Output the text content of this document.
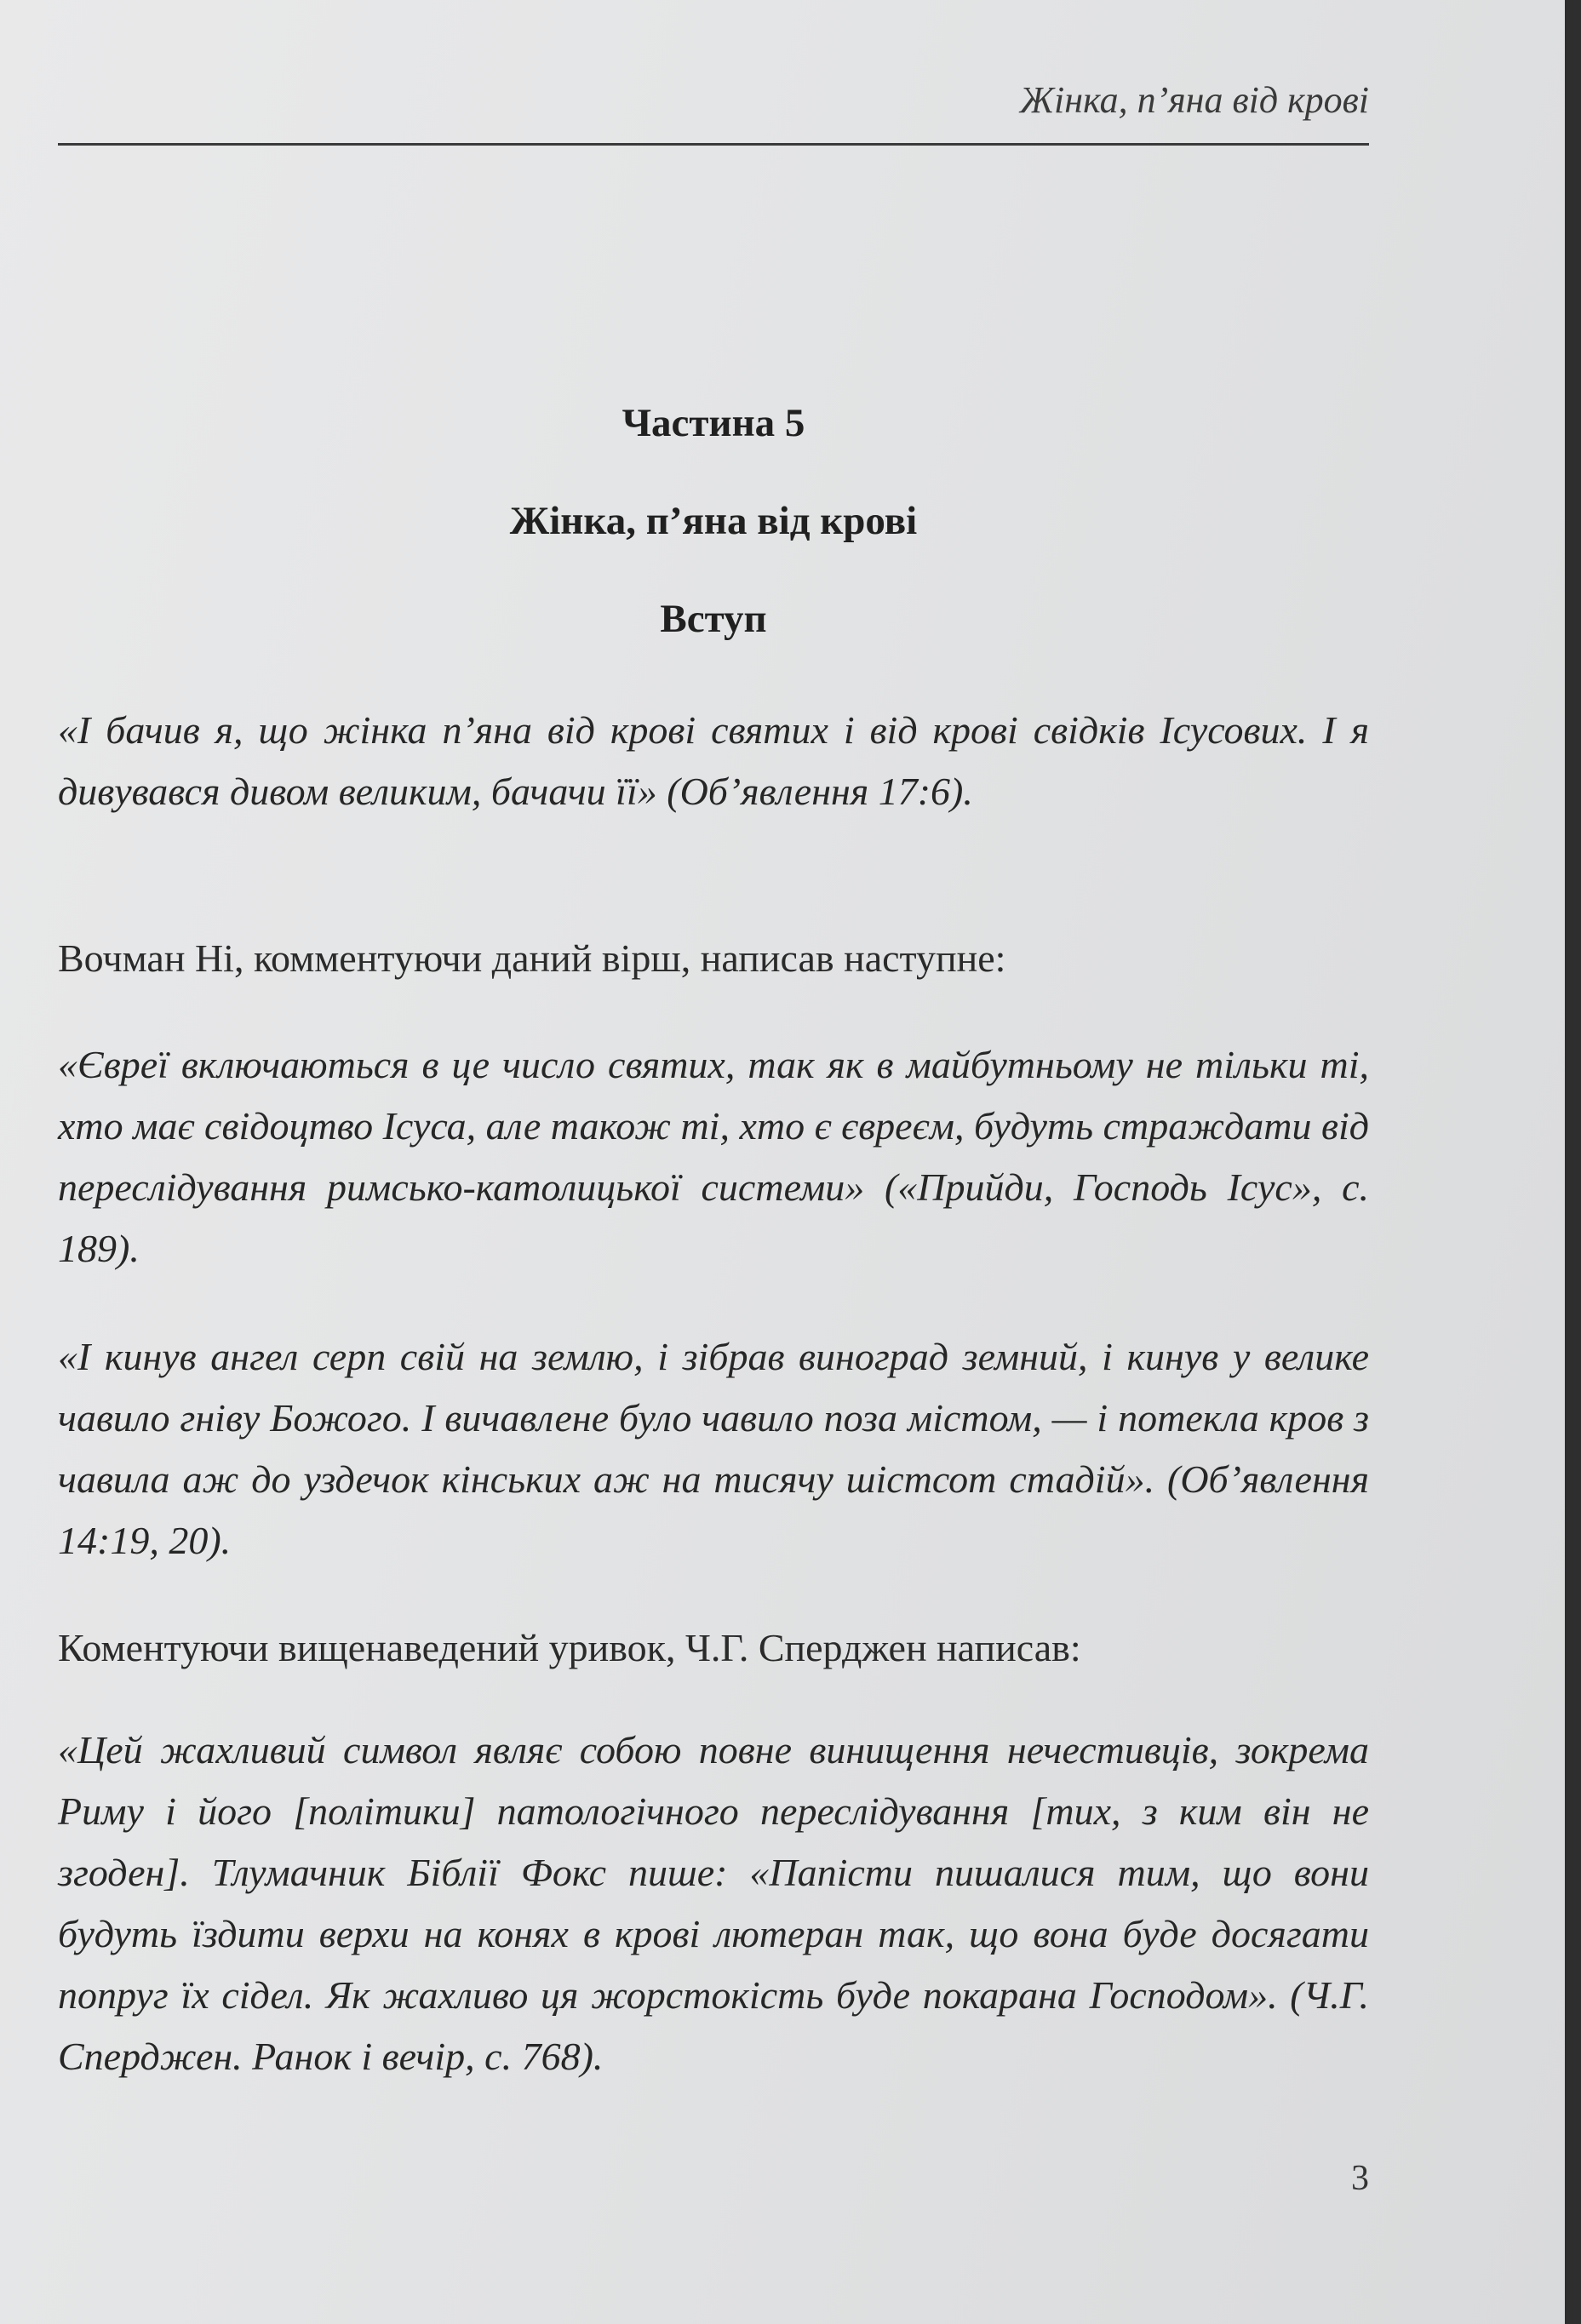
Жінка, п’яна від крові
Частина 5
Жінка, п’яна від крові
Вступ

«І бачив я, що жінка п’яна від крові святих і від крові свідків Ісусових. І я дивувався дивом великим, бачачи її» (Об’явлення 17:6).

Вочман Ні, комментуючи даний вірш, написав наступне:

«Євреї включаються в це число святих, так як в майбутньому не тільки ті, хто має свідоцтво Ісуса, але також ті, хто є євреєм, будуть страждати від переслідування римсько-католицької системи» («Прийди, Господь Ісус», с. 189).

«І кинув ангел серп свій на землю, і зібрав виноград земний, і кинув у велике чавило гніву Божого. І вичавлене було чавило поза містом, — і потекла кров з чавила аж до уздечок кінських аж на тисячу шістсот стадій». (Об’явлення 14:19, 20).

Коментуючи вищенаведений уривок, Ч.Г. Сперджен написав:

«Цей жахливий символ являє собою повне винищення нечестивців, зокрема Риму і його [політики] патологічного переслідування [тих, з ким він не згоден]. Тлумачник Біблії Фокс пише: «Папісти пишалися тим, що вони будуть їздити верхи на конях в крові лютеран так, що вона буде досягати попруг їх сідел. Як жахливо ця жорстокість буде покарана Господом». (Ч.Г. Сперджен. Ранок і вечір, с. 768).

3
